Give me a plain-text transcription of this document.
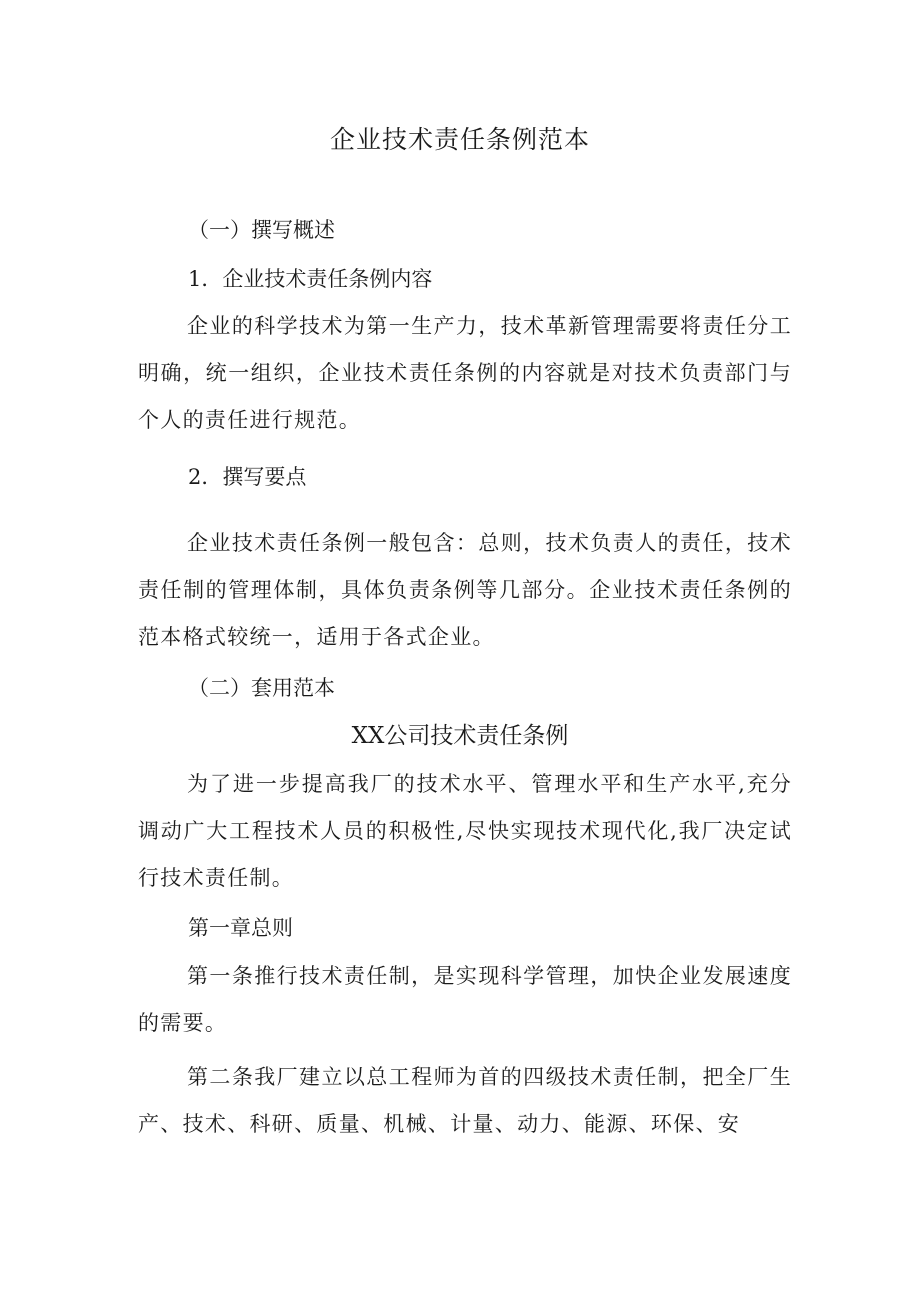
企业技术责任条例范本
（一）撰写概述
1．企业技术责任条例内容
企业的科学技术为第一生产力，技术革新管理需要将责任分工明确，统一组织，企业技术责任条例的内容就是对技术负责部门与个人的责任进行规范。
2．撰写要点
企业技术责任条例一般包含：总则，技术负责人的责任，技术责任制的管理体制，具体负责条例等几部分。企业技术责任条例的范本格式较统一，适用于各式企业。
（二）套用范本
XX公司技术责任条例
为了进一步提高我厂的技术水平、管理水平和生产水平,充分调动广大工程技术人员的积极性,尽快实现技术现代化,我厂决定试行技术责任制。
第一章总则
第一条推行技术责任制，是实现科学管理，加快企业发展速度的需要。
第二条我厂建立以总工程师为首的四级技术责任制，把全厂生产、技术、科研、质量、机械、计量、动力、能源、环保、安
